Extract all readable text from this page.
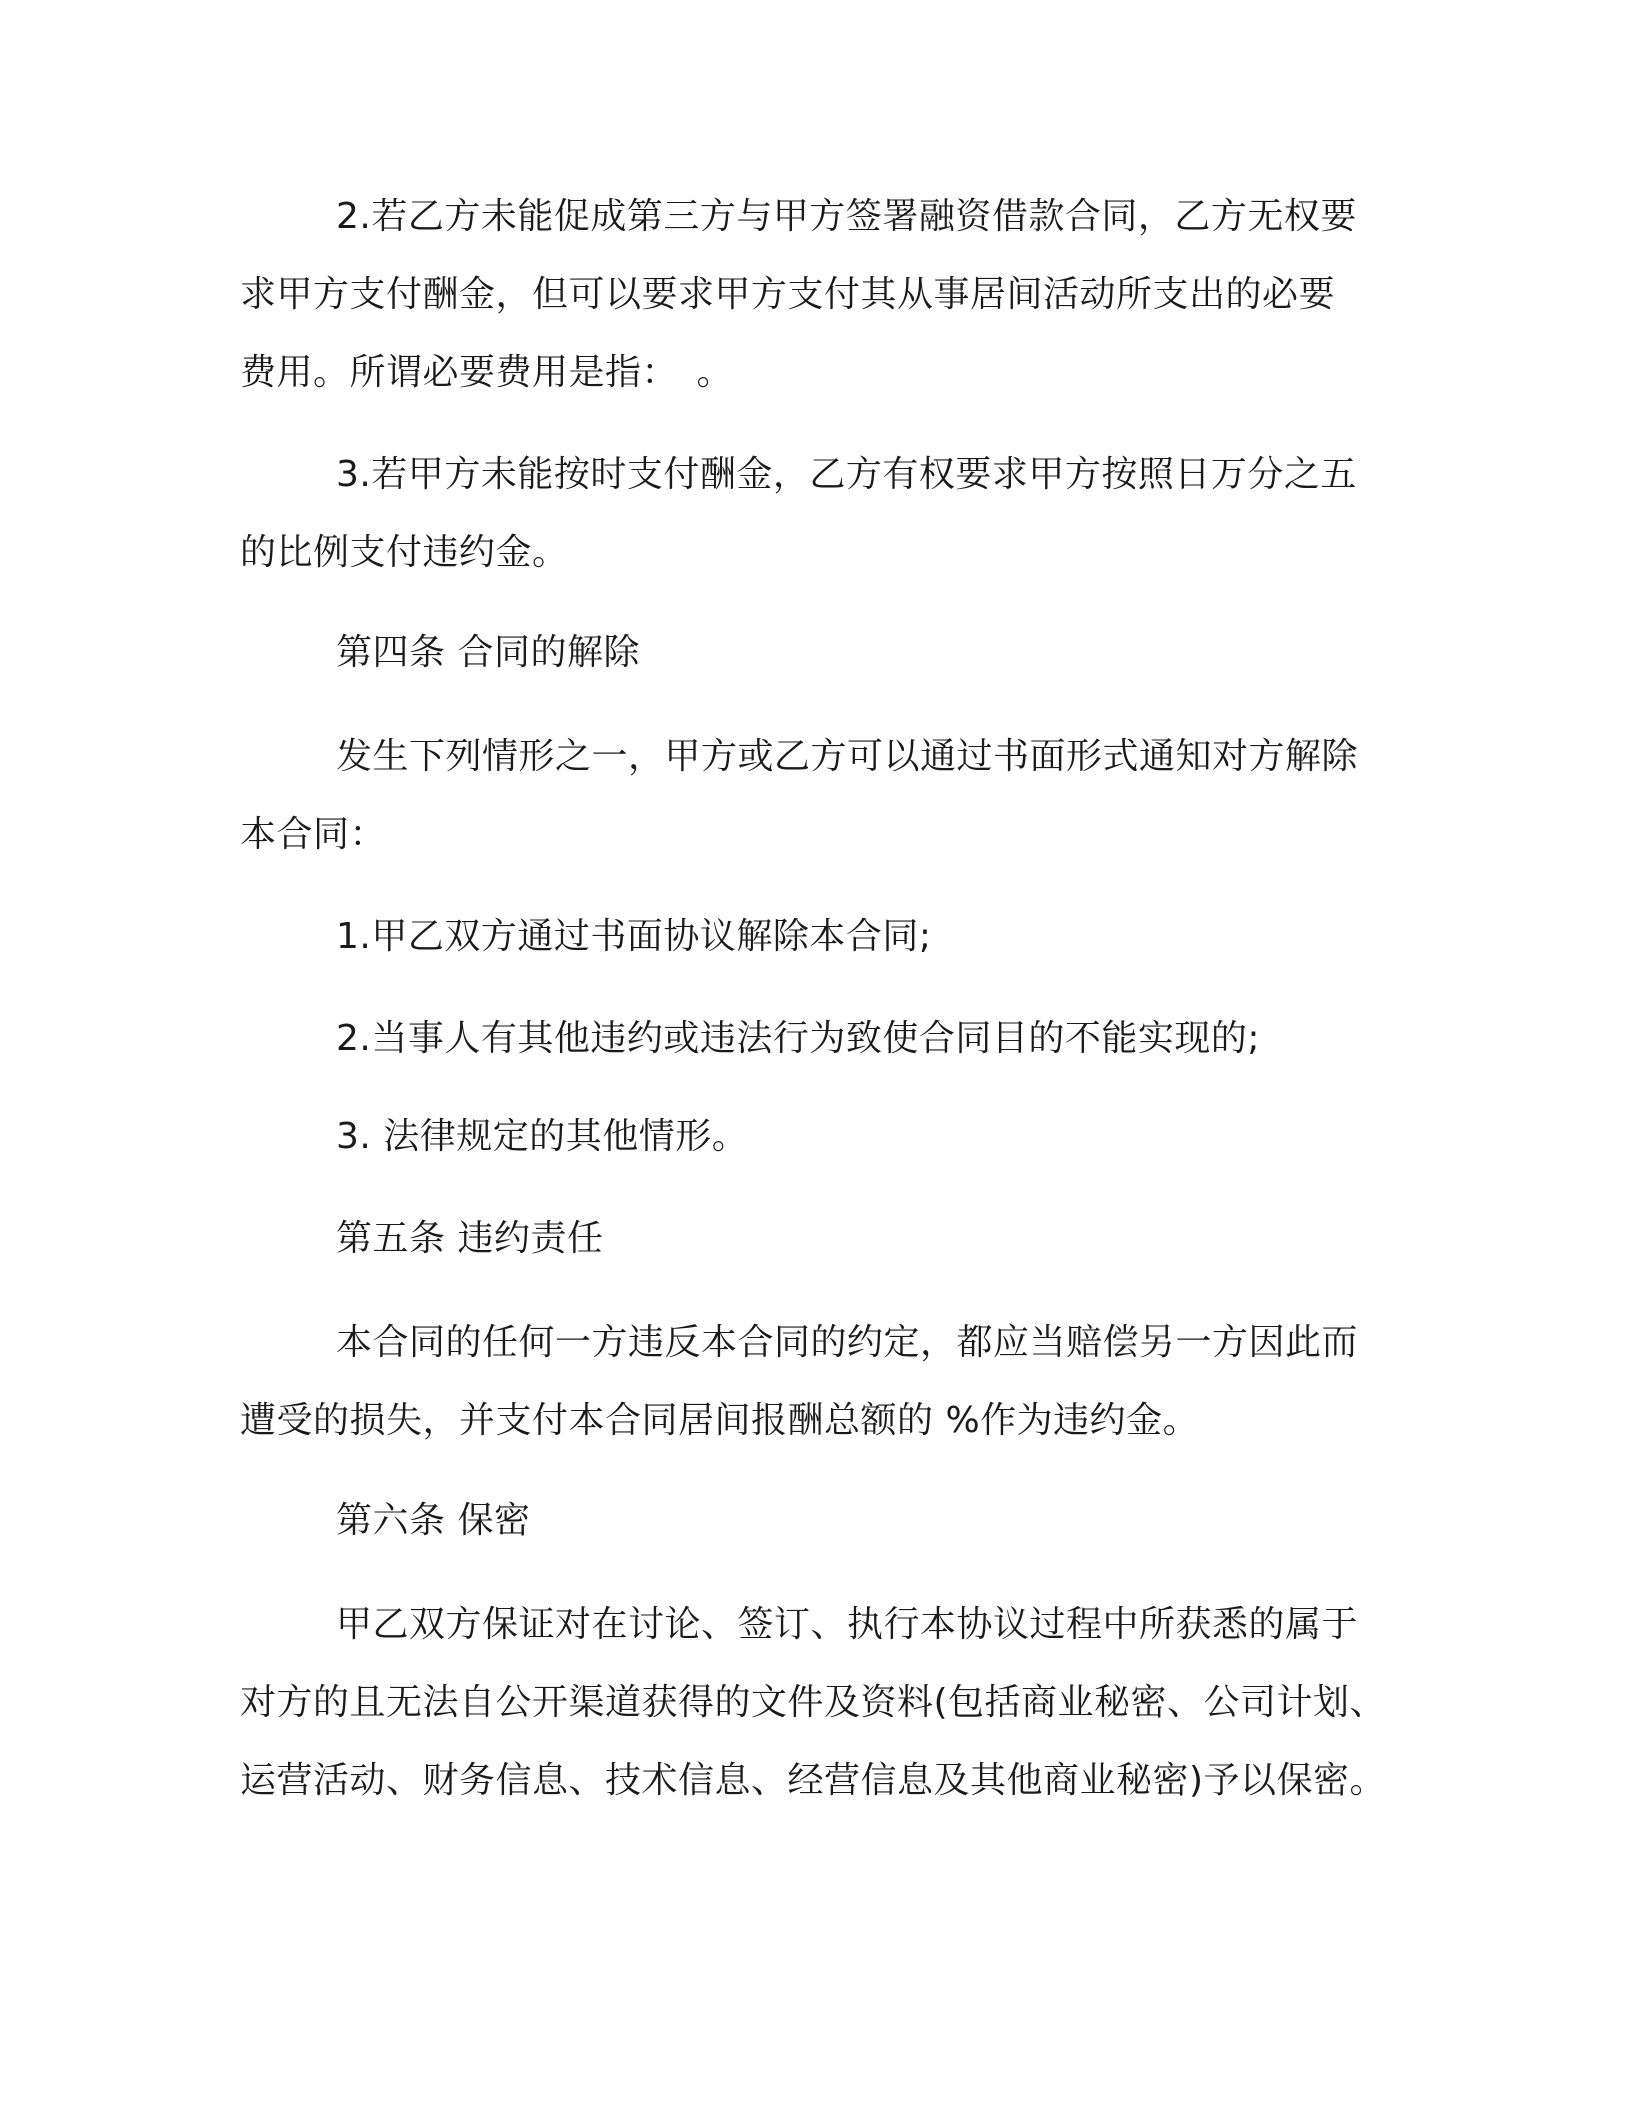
2.若乙方未能促成第三方与甲方签署融资借款合同，乙方无权要
求甲方支付酬金，但可以要求甲方支付其从事居间活动所支出的必要
费用。所谓必要费用是指：　。
3.若甲方未能按时支付酬金，乙方有权要求甲方按照日万分之五
的比例支付违约金。
第四条 合同的解除
发生下列情形之一，甲方或乙方可以通过书面形式通知对方解除
本合同：
1.甲乙双方通过书面协议解除本合同;
2.当事人有其他违约或违法行为致使合同目的不能实现的;
3. 法律规定的其他情形。
第五条 违约责任
本合同的任何一方违反本合同的约定，都应当赔偿另一方因此而
遭受的损失，并支付本合同居间报酬总额的 %作为违约金。
第六条 保密
甲乙双方保证对在讨论、签订、执行本协议过程中所获悉的属于
对方的且无法自公开渠道获得的文件及资料(包括商业秘密、公司计划、
运营活动、财务信息、技术信息、经营信息及其他商业秘密)予以保密。
